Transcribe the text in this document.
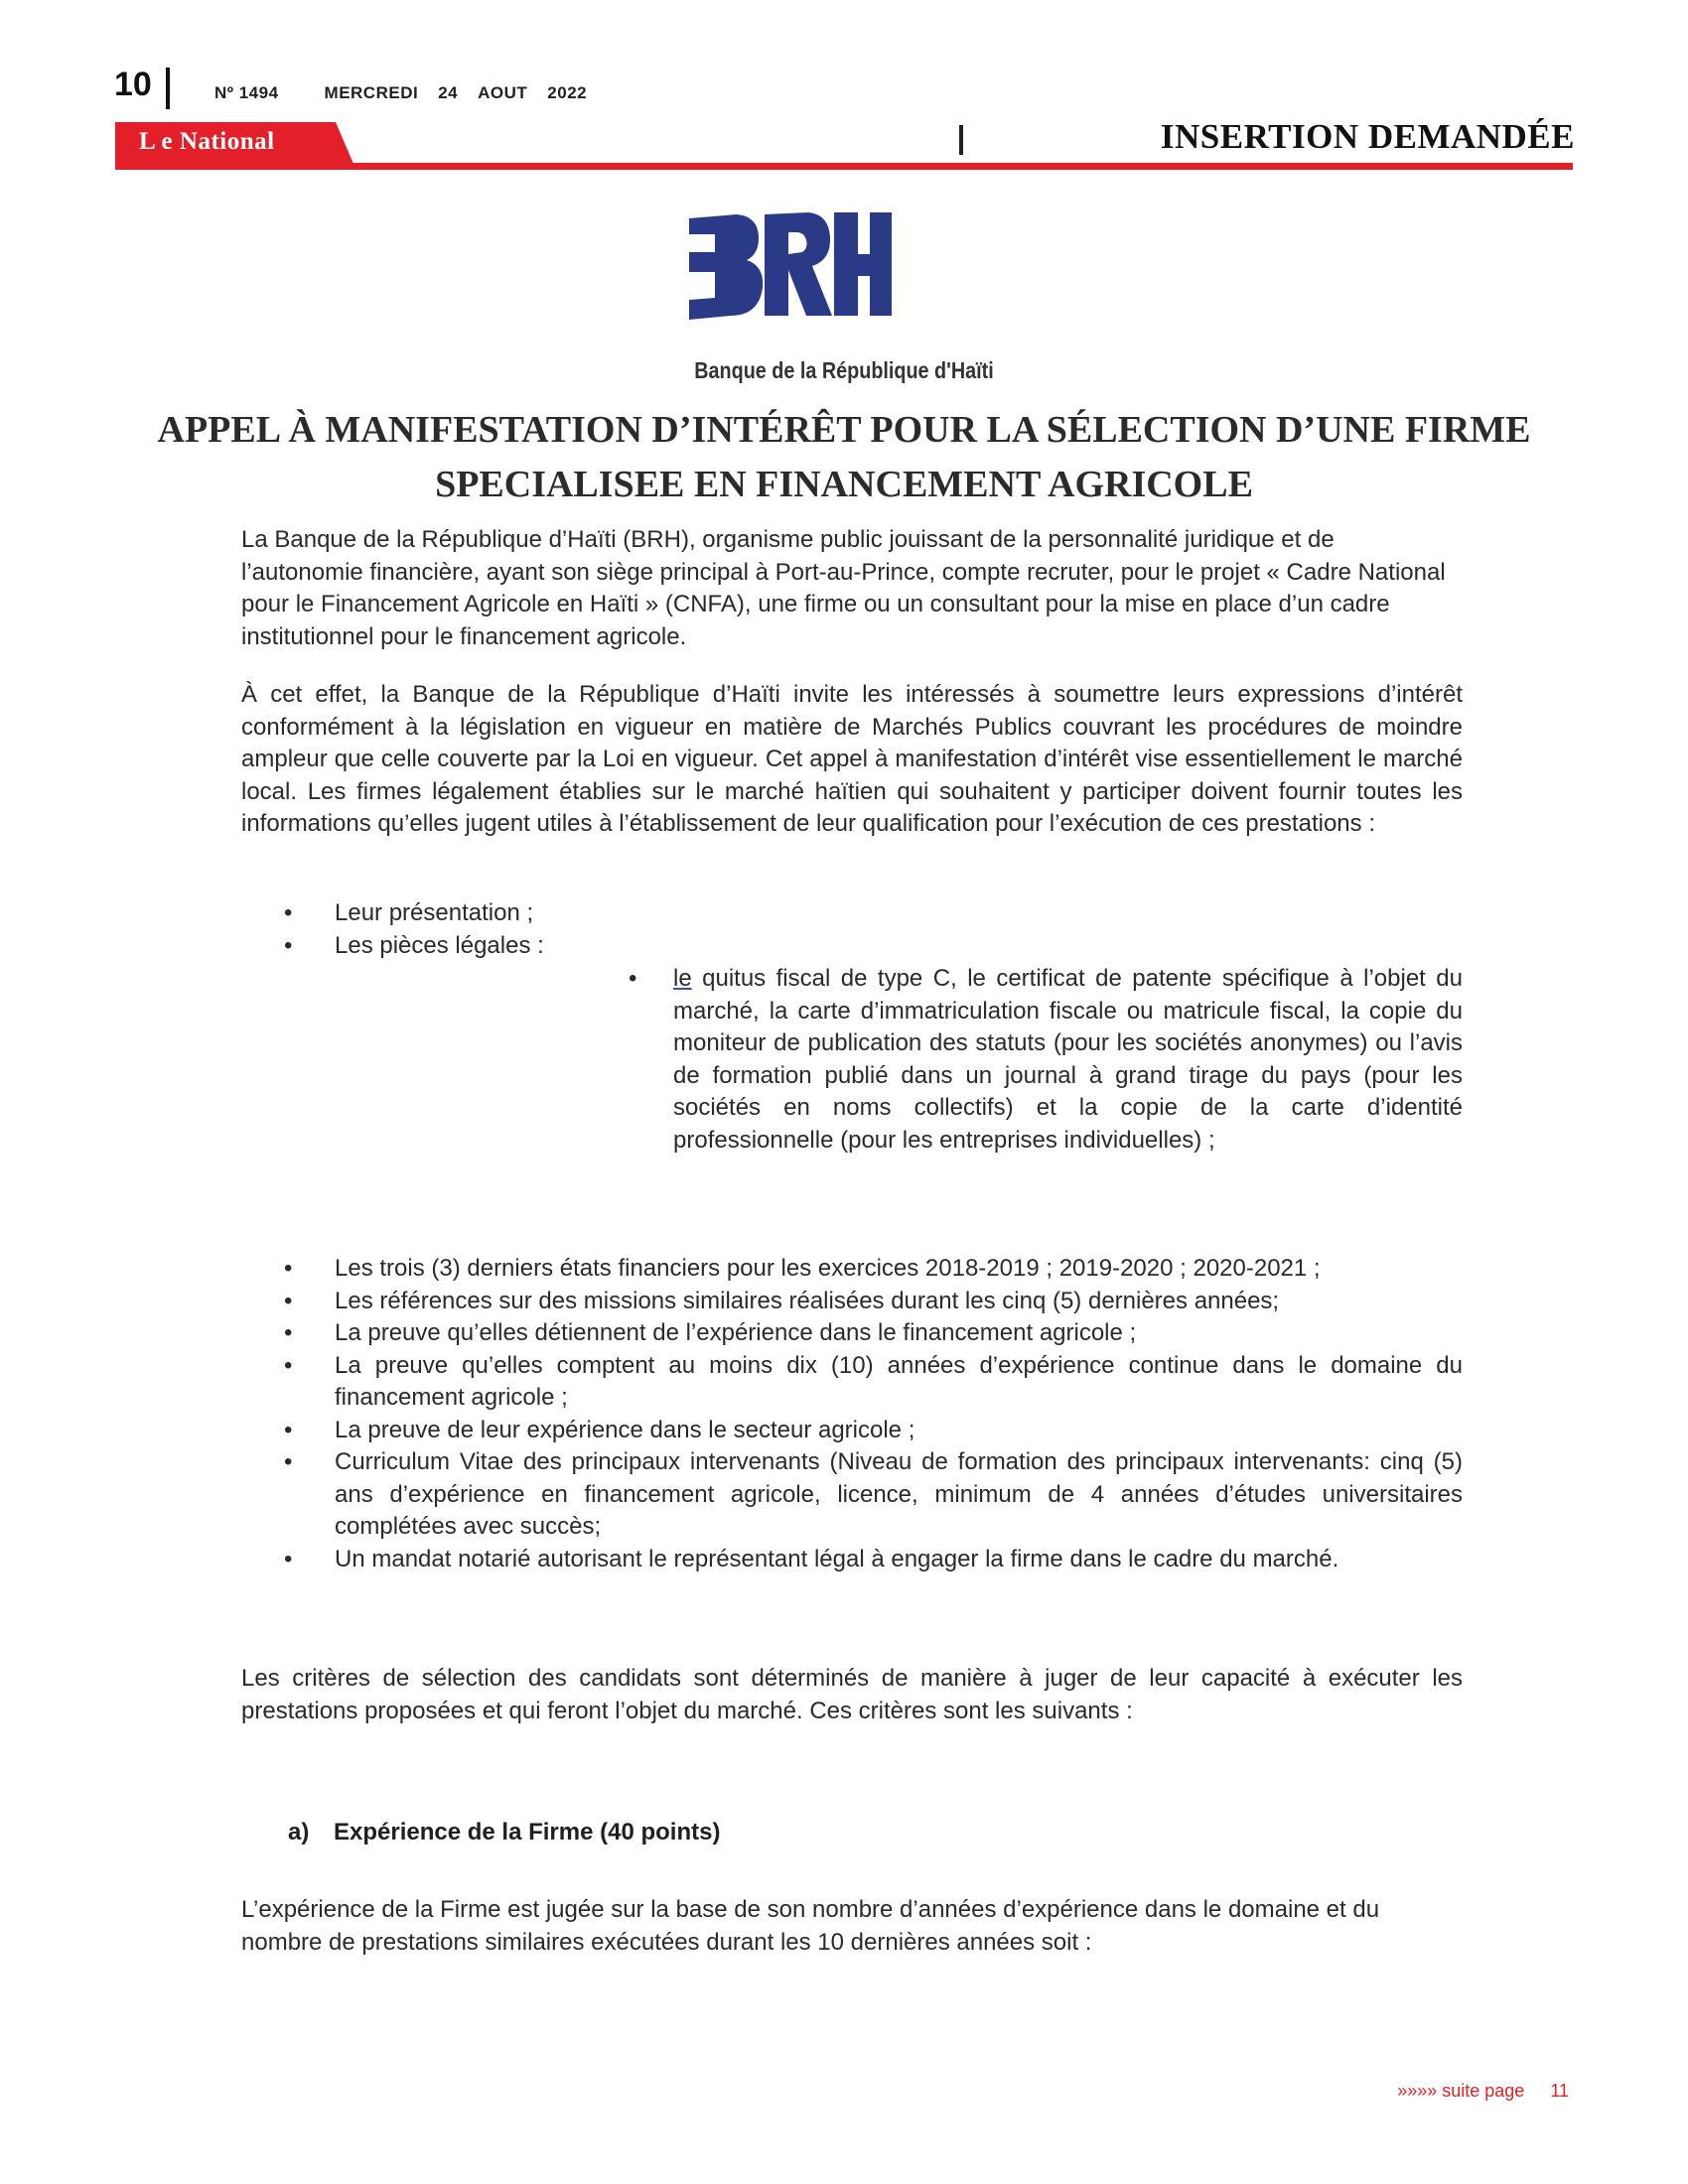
10	Nº 1494	MERCREDI 24 AOUT 2022
L e National	INSERTION DEMANDÉE
Banque de la République d'Haïti
APPEL À MANIFESTATION D’INTÉRÊT POUR LA SÉLECTION D’UNE FIRME
SPECIALISEE EN FINANCEMENT AGRICOLE
La Banque de la République d’Haïti (BRH), organisme public jouissant de la personnalité juridique et de l’autonomie financière, ayant son siège principal à Port-au-Prince, compte recruter, pour le projet « Cadre National pour le Financement Agricole en Haïti » (CNFA), une firme ou un consultant pour la mise en place d’un cadre institutionnel pour le financement agricole.
À cet effet, la Banque de la République d’Haïti invite les intéressés à soumettre leurs expressions d’intérêt conformément à la législation en vigueur en matière de Marchés Publics couvrant les procédures de moindre ampleur que celle couverte par la Loi en vigueur. Cet appel à manifestation d’intérêt vise essentiellement le marché local. Les firmes légalement établies sur le marché haïtien qui souhaitent y participer doivent fournir toutes les informations qu’elles jugent utiles à l’établissement de leur qualification pour l’exécution de ces prestations :
• Leur présentation ;
• Les pièces légales :
• le quitus fiscal de type C, le certificat de patente spécifique à l’objet du marché, la carte d’immatriculation fiscale ou matricule fiscal, la copie du moniteur de publication des statuts (pour les sociétés anonymes) ou l’avis de formation publié dans un journal à grand tirage du pays (pour les sociétés en noms collectifs) et la copie de la carte d’identité professionnelle (pour les entreprises individuelles) ;
• Les trois (3) derniers états financiers pour les exercices 2018-2019 ; 2019-2020 ; 2020-2021 ;
• Les références sur des missions similaires réalisées durant les cinq (5) dernières années;
• La preuve qu’elles détiennent de l’expérience dans le financement agricole ;
• La preuve qu’elles comptent au moins dix (10) années d’expérience continue dans le domaine du financement agricole ;
• La preuve de leur expérience dans le secteur agricole ;
• Curriculum Vitae des principaux intervenants (Niveau de formation des principaux intervenants: cinq (5) ans d’expérience en financement agricole, licence, minimum de 4 années d’études universitaires complétées avec succès;
• Un mandat notarié autorisant le représentant légal à engager la firme dans le cadre du marché.
Les critères de sélection des candidats sont déterminés de manière à juger de leur capacité à exécuter les prestations proposées et qui feront l’objet du marché. Ces critères sont les suivants :
a) Expérience de la Firme (40 points)
L’expérience de la Firme est jugée sur la base de son nombre d’années d’expérience dans le domaine et du nombre de prestations similaires exécutées durant les 10 dernières années soit :
»»»» suite page 11
